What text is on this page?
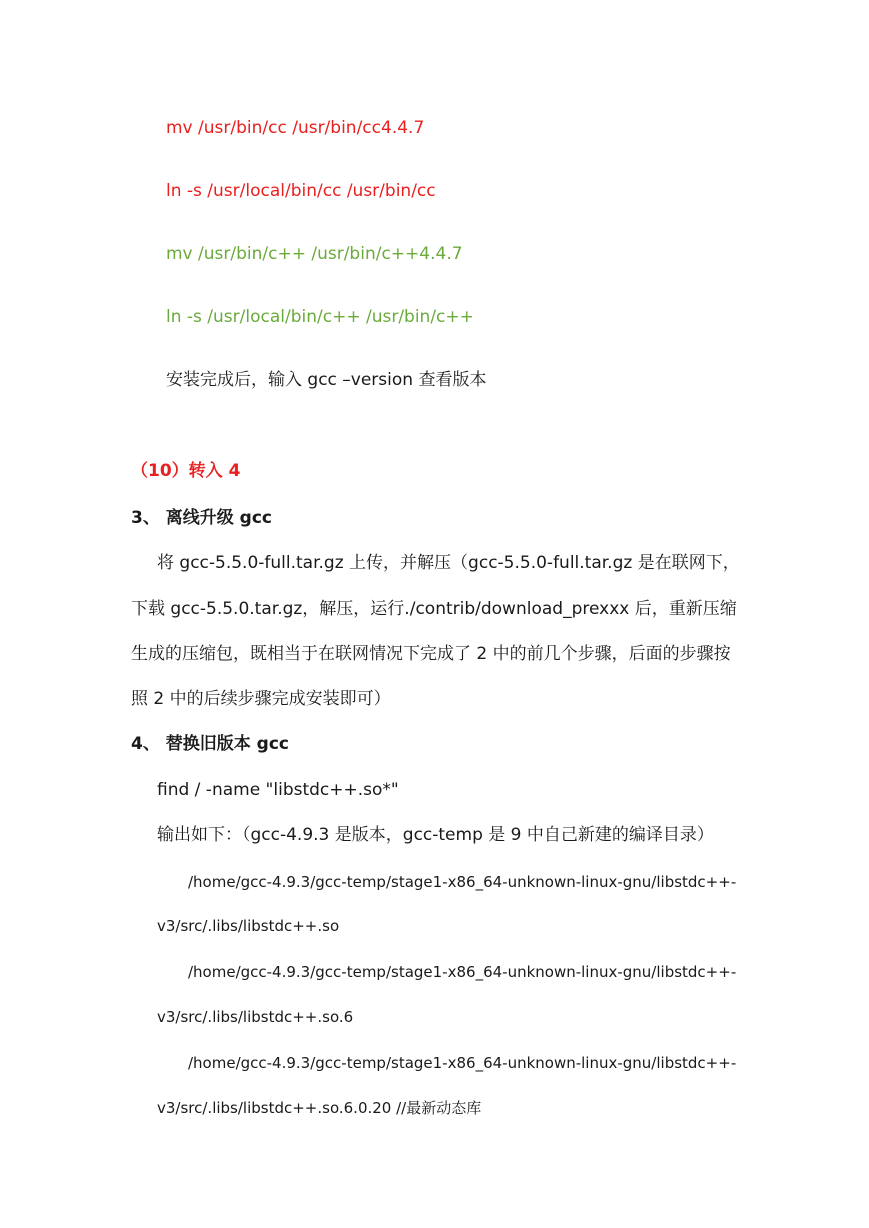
mv /usr/bin/cc /usr/bin/cc4.4.7
ln -s /usr/local/bin/cc /usr/bin/cc
mv /usr/bin/c++ /usr/bin/c++4.4.7
ln -s /usr/local/bin/c++ /usr/bin/c++
安装完成后，输入 gcc –version 查看版本
（10）转入 4
3、 离线升级 gcc
将 gcc-5.5.0-full.tar.gz 上传，并解压（gcc-5.5.0-full.tar.gz 是在联网下，
下载 gcc-5.5.0.tar.gz，解压，运行./contrib/download_prexxx 后，重新压缩
生成的压缩包，既相当于在联网情况下完成了 2 中的前几个步骤，后面的步骤按
照 2 中的后续步骤完成安装即可）
4、 替换旧版本 gcc
find / -name "libstdc++.so*"
输出如下：（gcc-4.9.3 是版本，gcc-temp 是 9 中自己新建的编译目录）
/home/gcc-4.9.3/gcc-temp/stage1-x86_64-unknown-linux-gnu/libstdc++-
v3/src/.libs/libstdc++.so
/home/gcc-4.9.3/gcc-temp/stage1-x86_64-unknown-linux-gnu/libstdc++-
v3/src/.libs/libstdc++.so.6
/home/gcc-4.9.3/gcc-temp/stage1-x86_64-unknown-linux-gnu/libstdc++-
v3/src/.libs/libstdc++.so.6.0.20 //最新动态库
